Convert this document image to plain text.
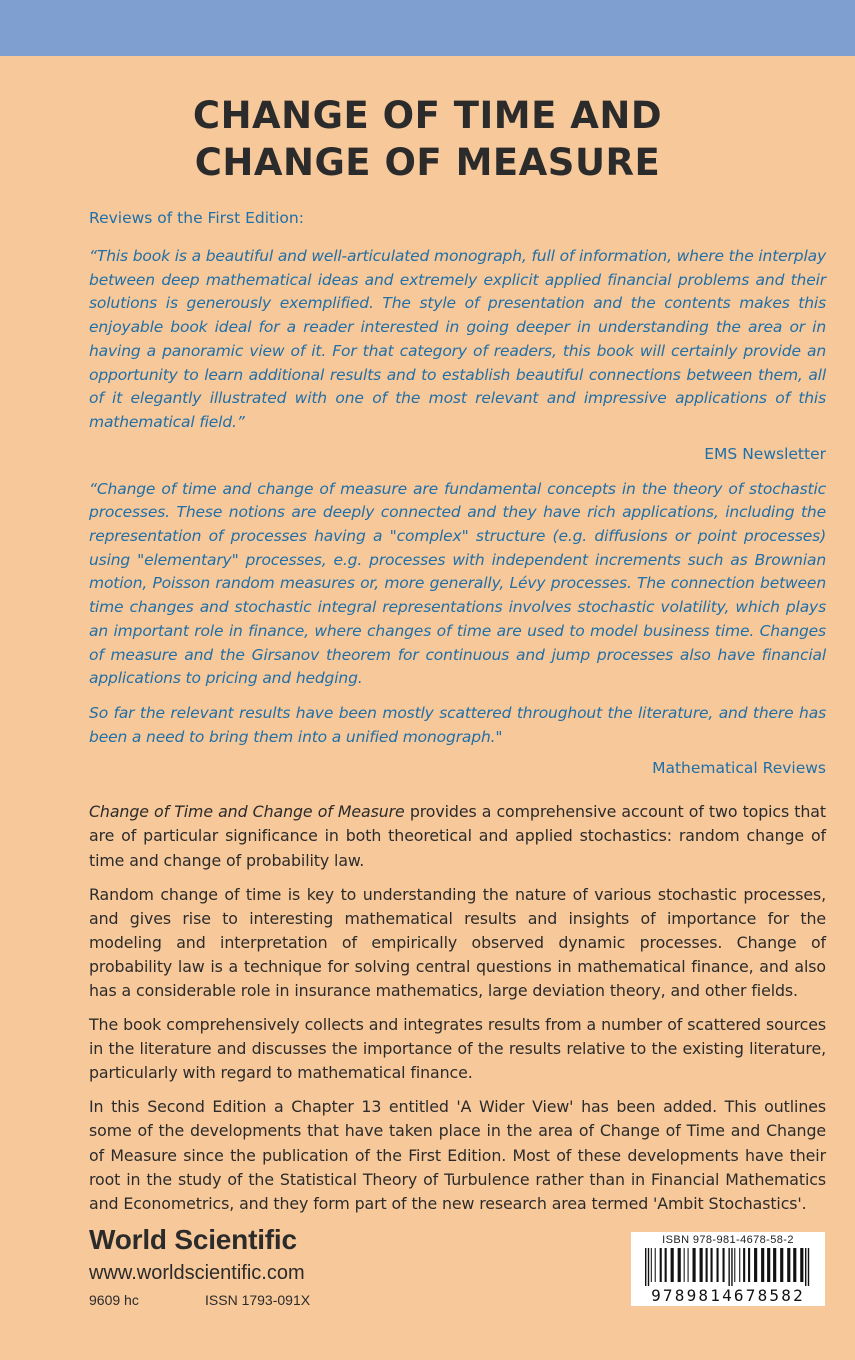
CHANGE OF TIME AND
CHANGE OF MEASURE

Reviews of the First Edition:

“This book is a beautiful and well-articulated monograph, full of information, where the interplay between deep mathematical ideas and extremely explicit applied financial problems and their solutions is generously exemplified. The style of presentation and the contents makes this enjoyable book ideal for a reader interested in going deeper in understanding the area or in having a panoramic view of it. For that category of readers, this book will certainly provide an opportunity to learn additional results and to establish beautiful connections between them, all of it elegantly illustrated with one of the most relevant and impressive applications of this mathematical field.”

EMS Newsletter

“Change of time and change of measure are fundamental concepts in the theory of stochastic processes. These notions are deeply connected and they have rich applications, including the representation of processes having a "complex" structure (e.g. diffusions or point processes) using "elementary" processes, e.g. processes with independent increments such as Brownian motion, Poisson random measures or, more generally, Lévy processes. The connection between time changes and stochastic integral representations involves stochastic volatility, which plays an important role in finance, where changes of time are used to model business time. Changes of measure and the Girsanov theorem for continuous and jump processes also have financial applications to pricing and hedging.

So far the relevant results have been mostly scattered throughout the literature, and there has been a need to bring them into a unified monograph."

Mathematical Reviews

Change of Time and Change of Measure provides a comprehensive account of two topics that are of particular significance in both theoretical and applied stochastics: random change of time and change of probability law.

Random change of time is key to understanding the nature of various stochastic processes, and gives rise to interesting mathematical results and insights of importance for the modeling and interpretation of empirically observed dynamic processes. Change of probability law is a technique for solving central questions in mathematical finance, and also has a considerable role in insurance mathematics, large deviation theory, and other fields.

The book comprehensively collects and integrates results from a number of scattered sources in the literature and discusses the importance of the results relative to the existing literature, particularly with regard to mathematical finance.

In this Second Edition a Chapter 13 entitled 'A Wider View' has been added. This outlines some of the developments that have taken place in the area of Change of Time and Change of Measure since the publication of the First Edition. Most of these developments have their root in the study of the Statistical Theory of Turbulence rather than in Financial Mathematics and Econometrics, and they form part of the new research area termed 'Ambit Stochastics'.

World Scientific

www.worldscientific.com

9609 hc	ISSN 1793-091X

ISBN 978-981-4678-58-2
9789814678582
